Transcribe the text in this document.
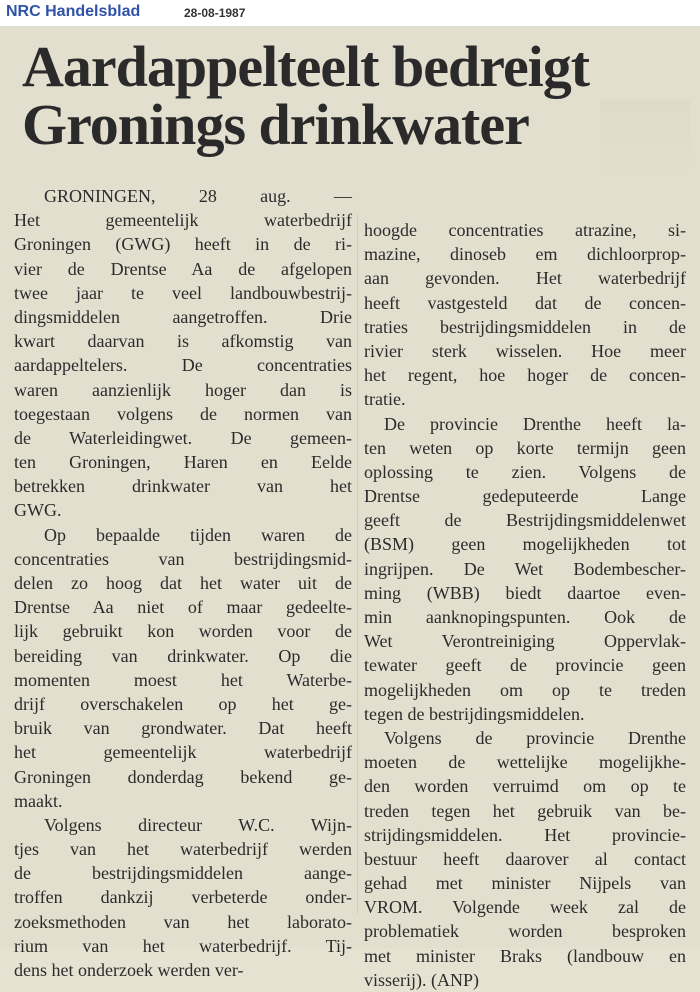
NRC Handelsblad	28-08-1987
Aardappelteelt bedreigt
Gronings drinkwater
GRONINGEN, 28 aug. —
Het gemeentelijk waterbedrijf
Groningen (GWG) heeft in de ri-
vier de Drentse Aa de afgelopen
twee jaar te veel landbouwbestrij-
dingsmiddelen aangetroffen. Drie
kwart daarvan is afkomstig van
aardappeltelers. De concentraties
waren aanzienlijk hoger dan is
toegestaan volgens de normen van
de Waterleidingwet. De gemeen-
ten Groningen, Haren en Eelde
betrekken drinkwater van het
GWG.
Op bepaalde tijden waren de
concentraties van bestrijdingsmid-
delen zo hoog dat het water uit de
Drentse Aa niet of maar gedeelte-
lijk gebruikt kon worden voor de
bereiding van drinkwater. Op die
momenten moest het Waterbe-
drijf overschakelen op het ge-
bruik van grondwater. Dat heeft
het gemeentelijk waterbedrijf
Groningen donderdag bekend ge-
maakt.
Volgens directeur W.C. Wijn-
tjes van het waterbedrijf werden
de bestrijdingsmiddelen aange-
troffen dankzij verbeterde onder-
zoeksmethoden van het laborato-
rium van het waterbedrijf. Tij-
dens het onderzoek werden ver-
hoogde concentraties atrazine, si-
mazine, dinoseb em dichloorprop-
aan gevonden. Het waterbedrijf
heeft vastgesteld dat de concen-
traties bestrijdingsmiddelen in de
rivier sterk wisselen. Hoe meer
het regent, hoe hoger de concen-
tratie.
De provincie Drenthe heeft la-
ten weten op korte termijn geen
oplossing te zien. Volgens de
Drentse gedeputeerde Lange
geeft de Bestrijdingsmiddelenwet
(BSM) geen mogelijkheden tot
ingrijpen. De Wet Bodembescher-
ming (WBB) biedt daartoe even-
min aanknopingspunten. Ook de
Wet Verontreiniging Oppervlak-
tewater geeft de provincie geen
mogelijkheden om op te treden
tegen de bestrijdingsmiddelen.
Volgens de provincie Drenthe
moeten de wettelijke mogelijkhe-
den worden verruimd om op te
treden tegen het gebruik van be-
strijdingsmiddelen. Het provincie-
bestuur heeft daarover al contact
gehad met minister Nijpels van
VROM. Volgende week zal de
problematiek worden besproken
met minister Braks (landbouw en
visserij). (ANP)
